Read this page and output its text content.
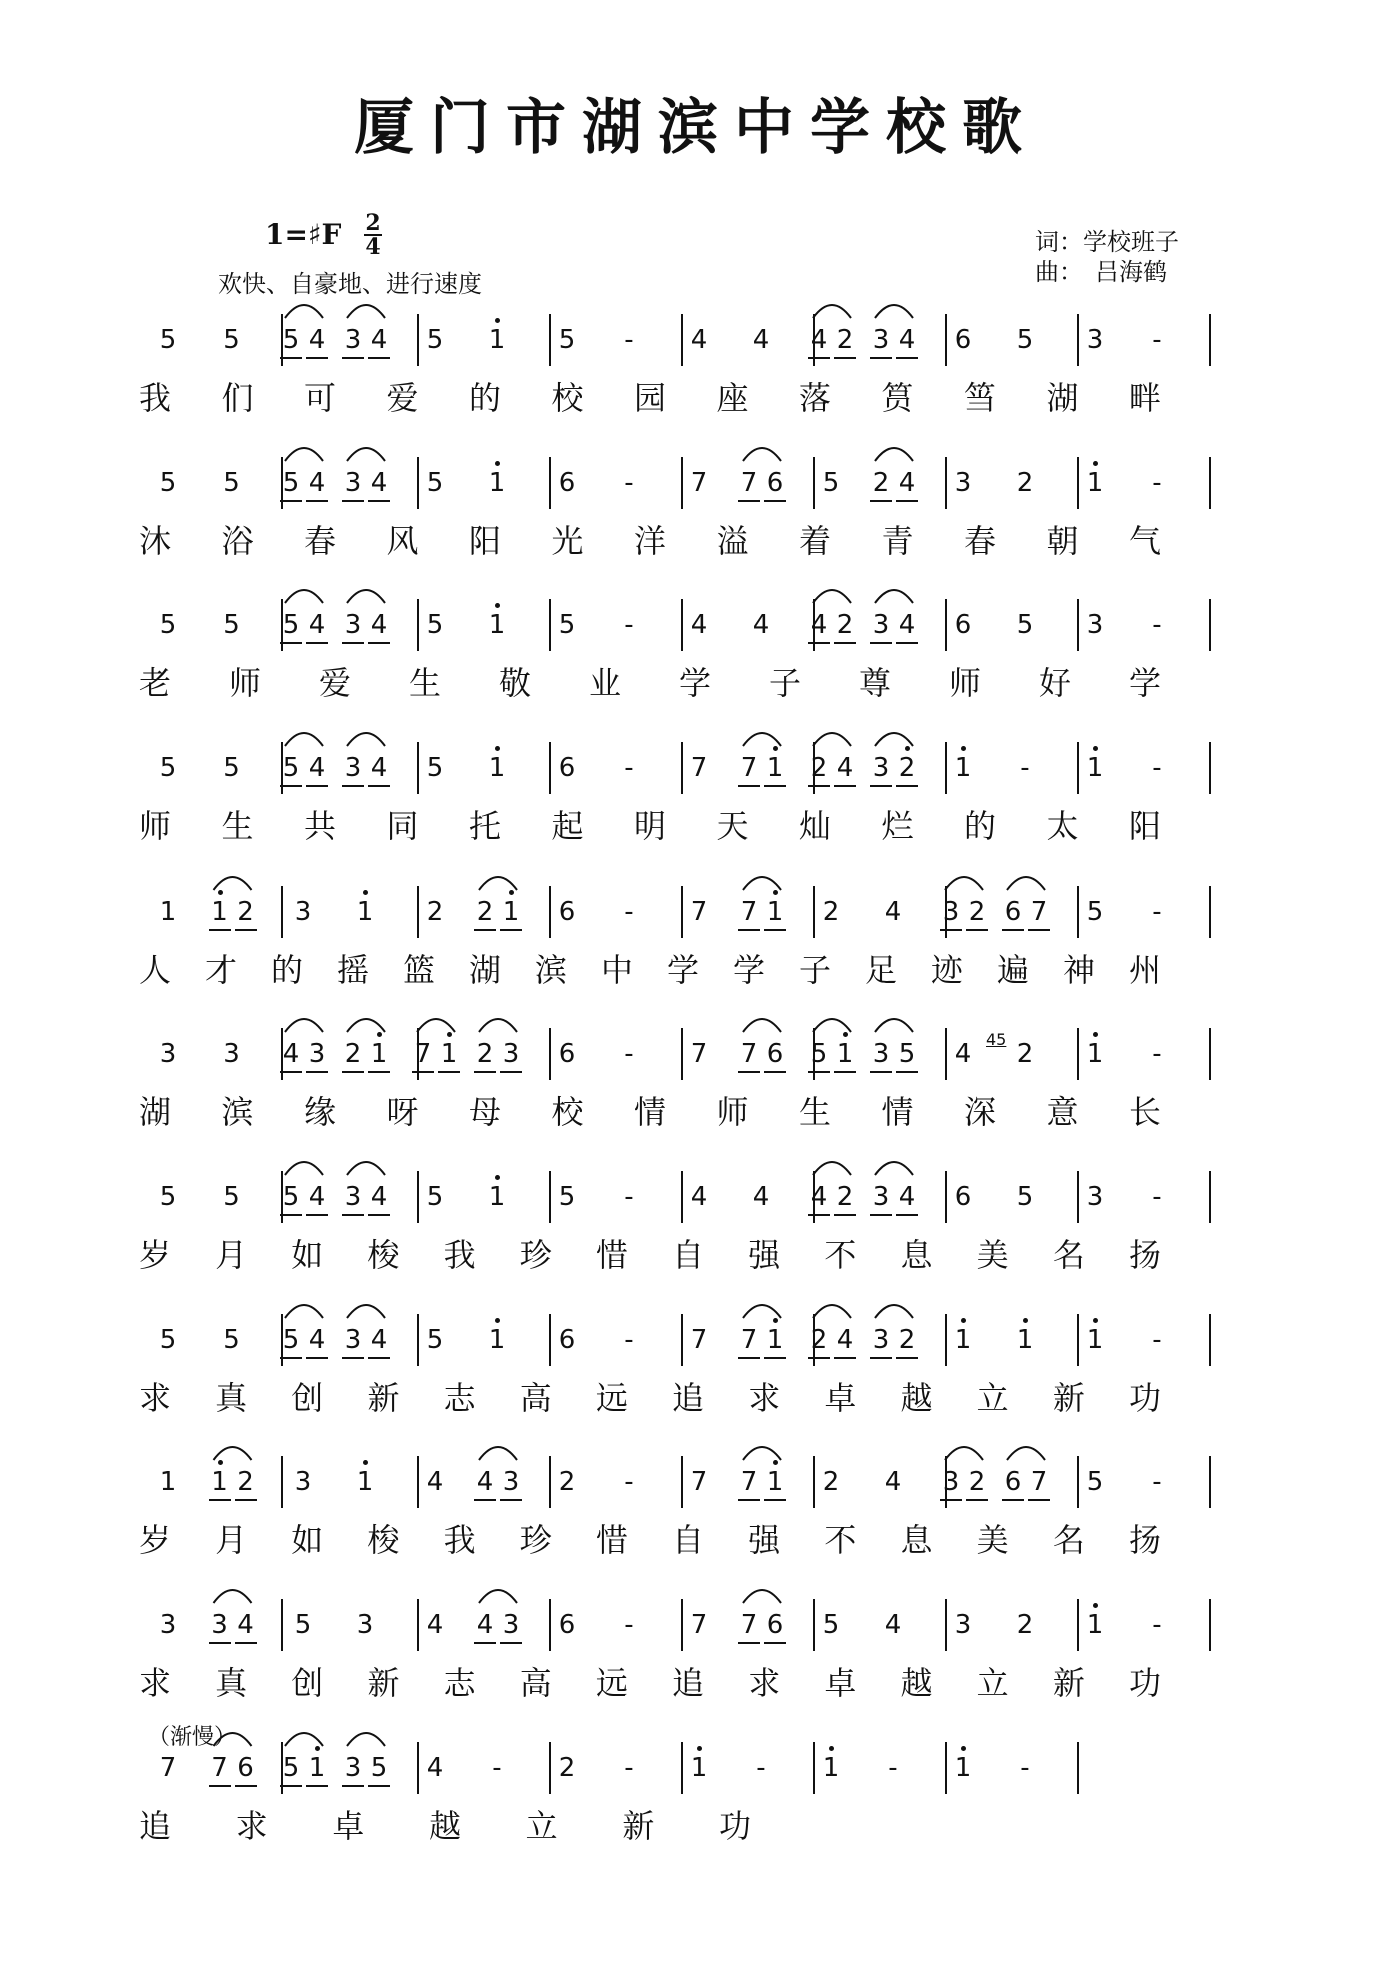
厦门市湖滨中学校歌
1=♯F 2
4
欢快、自豪地、进行速度
词：学校班子
曲：　吕海鹤
（渐慢）
45
5 5 5 4 3 4 5 1 5 - 4 4 4 2 3 4 6 5 3 -
5 5 5 4 3 4 5 1 6 - 7 7 6 5 2 4 3 2 1 -
5 5 5 4 3 4 5 1 5 - 4 4 4 2 3 4 6 5 3 -
5 5 5 4 3 4 5 1 6 - 7 7 1 2 4 3 2 1 - 1 -
1 1 2 3 1 2 2 1 6 - 7 7 1 2 4 3 2 6 7 5 -
3 3 4 3 2 1 7 1 2 3 6 - 7 7 6 5 1 3 5 4 2 1 -
5 5 5 4 3 4 5 1 5 - 4 4 4 2 3 4 6 5 3 -
5 5 5 4 3 4 5 1 6 - 7 7 1 2 4 3 2 1 1 1 -
1 1 2 3 1 4 4 3 2 - 7 7 1 2 4 3 2 6 7 5 -
3 3 4 5 3 4 4 3 6 - 7 7 6 5 4 3 2 1 -
7 7 6 5 1 3 5 4 - 2 - 1 - 1 - 1 -
我 们 可 爱 的 校 园 座 落 筼 筜 湖 畔
沐 浴 春 风 阳 光 洋 溢 着 青 春 朝 气
老 师 爱 生 敬 业 学 子 尊 师 好 学
师 生 共 同 托 起 明 天 灿 烂 的 太 阳
人 才 的 摇 篮 湖 滨 中 学 学 子 足 迹 遍 神 州
湖 滨 缘 呀 母 校 情 师 生 情 深 意 长
岁 月 如 梭 我 珍 惜 自 强 不 息 美 名 扬
求 真 创 新 志 高 远 追 求 卓 越 立 新 功
岁 月 如 梭 我 珍 惜 自 强 不 息 美 名 扬
求 真 创 新 志 高 远 追 求 卓 越 立 新 功
追 求 卓 越 立 新 功
